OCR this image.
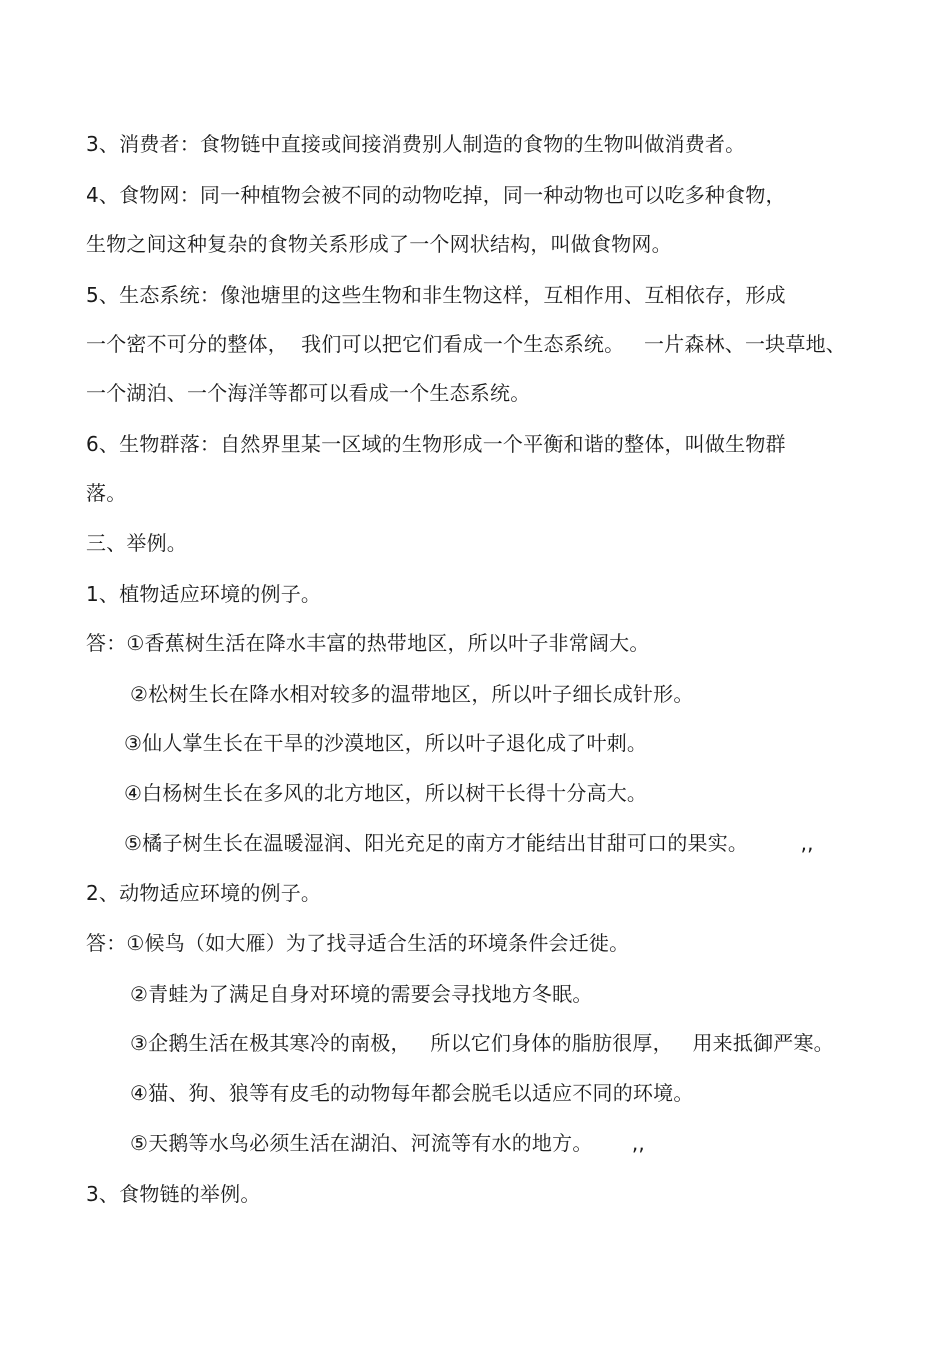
3、消费者：食物链中直接或间接消费别人制造的食物的生物叫做消费者。
4、食物网：同一种植物会被不同的动物吃掉，同一种动物也可以吃多种食物，
生物之间这种复杂的食物关系形成了一个网状结构，叫做食物网。
5、生态系统：像池塘里的这些生物和非生物这样，互相作用、互相依存，形成
一个密不可分的整体，  我们可以把它们看成一个生态系统。   一片森林、一块草地、
一个湖泊、一个海洋等都可以看成一个生态系统。
6、生物群落：自然界里某一区域的生物形成一个平衡和谐的整体，叫做生物群
落。
三、举例。
1、植物适应环境的例子。
答：①香蕉树生活在降水丰富的热带地区，所以叶子非常阔大。
②松树生长在降水相对较多的温带地区，所以叶子细长成针形。
③仙人掌生长在干旱的沙漠地区，所以叶子退化成了叶刺。
④白杨树生长在多风的北方地区，所以树干长得十分高大。
⑤橘子树生长在温暖湿润、阳光充足的南方才能结出甘甜可口的果实。        ,,
2、动物适应环境的例子。
答：①候鸟（如大雁）为了找寻适合生活的环境条件会迁徙。
②青蛙为了满足自身对环境的需要会寻找地方冬眠。
③企鹅生活在极其寒冷的南极，   所以它们身体的脂肪很厚，   用来抵御严寒。
④猫、狗、狼等有皮毛的动物每年都会脱毛以适应不同的环境。
⑤天鹅等水鸟必须生活在湖泊、河流等有水的地方。      ,,
3、食物链的举例。
